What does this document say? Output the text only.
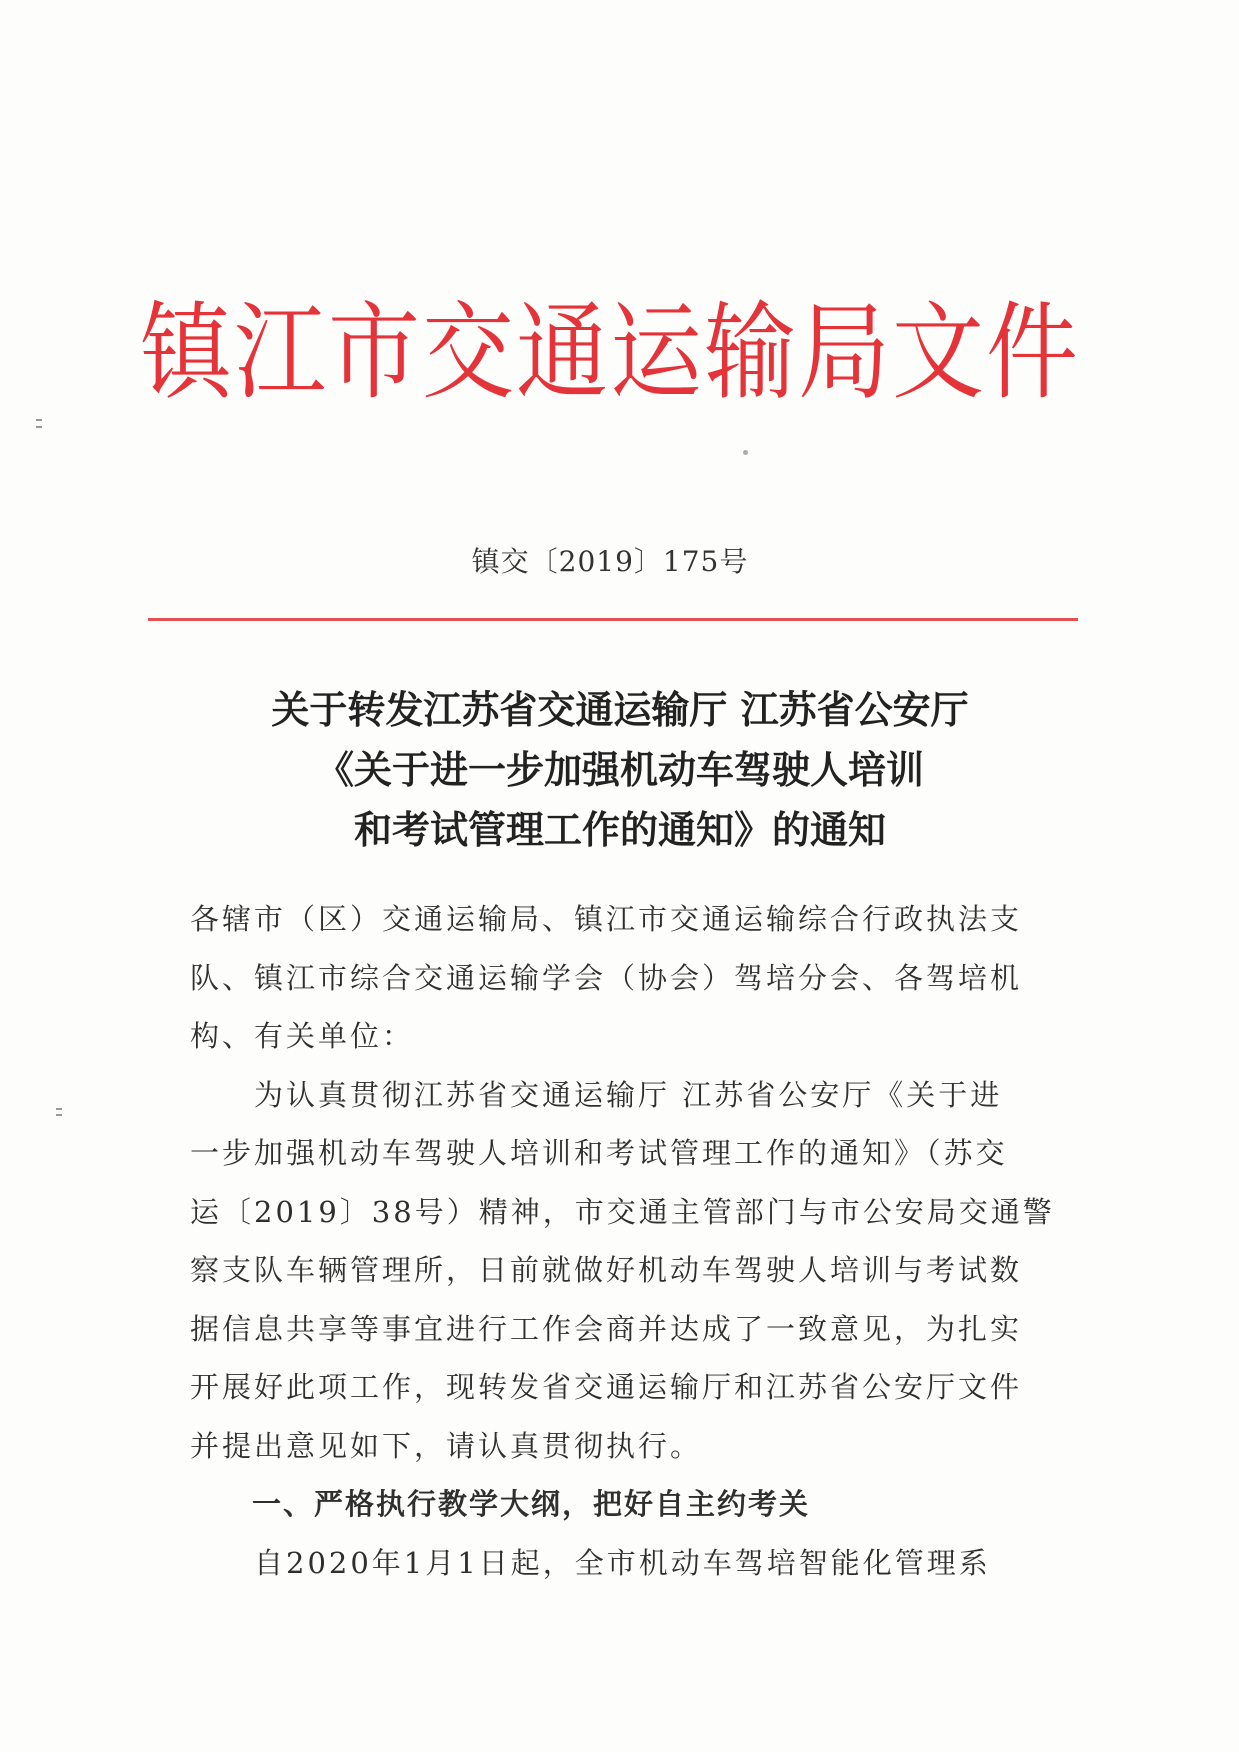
镇江市交通运输局文件
镇交〔2019〕175号
关于转发江苏省交通运输厅 江苏省公安厅
《关于进一步加强机动车驾驶人培训
和考试管理工作的通知》的通知
各辖市（区）交通运输局、镇江市交通运输综合行政执法支
队、镇江市综合交通运输学会（协会）驾培分会、各驾培机
构、有关单位：
　　为认真贯彻江苏省交通运输厅 江苏省公安厅《关于进
一步加强机动车驾驶人培训和考试管理工作的通知》（苏交
运〔2019〕38号）精神，市交通主管部门与市公安局交通警
察支队车辆管理所，日前就做好机动车驾驶人培训与考试数
据信息共享等事宜进行工作会商并达成了一致意见，为扎实
开展好此项工作，现转发省交通运输厅和江苏省公安厅文件
并提出意见如下，请认真贯彻执行。
　　一、严格执行教学大纲，把好自主约考关
　　自2020年1月1日起，全市机动车驾培智能化管理系
